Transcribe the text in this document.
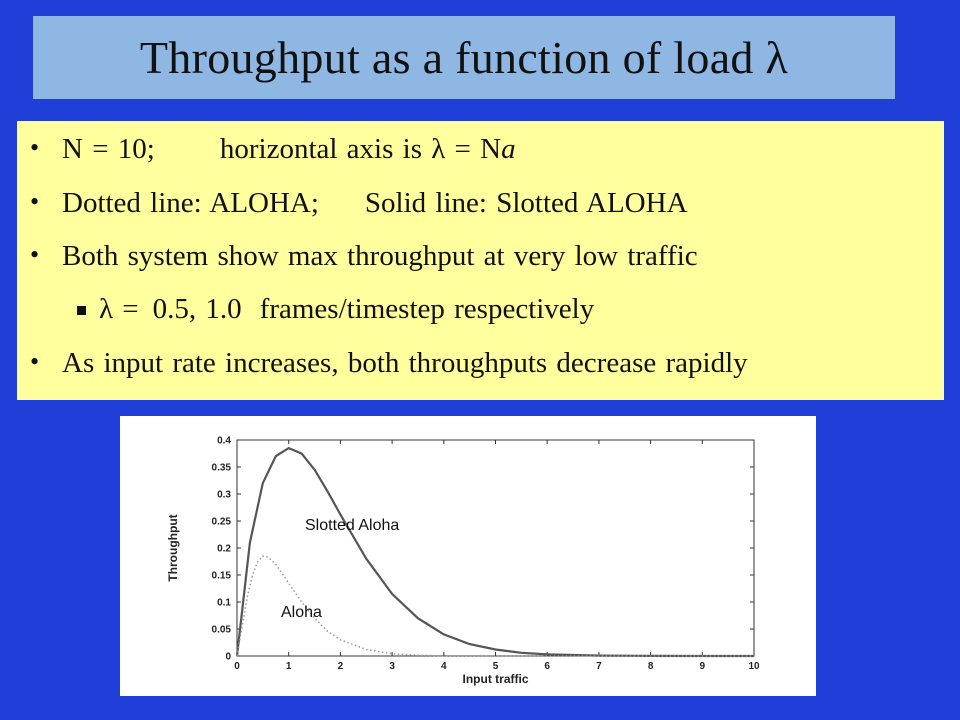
Throughput as a function of load λ
• N = 10; horizontal axis is λ = Na
• Dotted line: ALOHA; Solid line: Slotted ALOHA
• Both system show max throughput at very low traffic
λ = 0.5, 1.0 frames/timestep respectively
• As input rate increases, both throughputs decrease rapidly
0	1	2	3	4	5	6	7	8	9	10
0
0.05
0.1
0.15
0.2
0.25
0.3
0.35
0.4
Input traffic
Throughput	Slotted Aloha
Aloha
